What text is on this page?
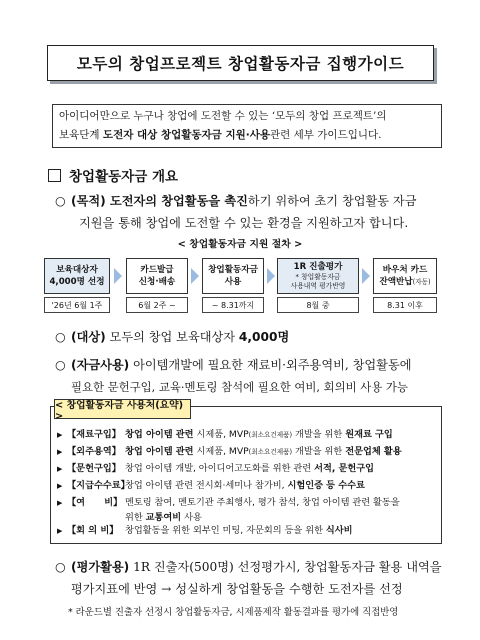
모두의 창업프로젝트 창업활동자금 집행가이드
아이디어만으로 누구나 창업에 도전할 수 있는 ‘모두의 창업 프로젝트’의
보육단계 도전자 대상 창업활동자금 지원·사용관련 세부 가이드입니다.
창업활동자금 개요
○ (목적) 도전자의 창업활동을 촉진하기 위하여 초기 창업활동 자금
지원을 통해 창업에 도전할 수 있는 환경을 지원하고자 합니다.
< 창업활동자금 지원 절차 >
보육대상자
4,000명 선정
카드발급
신청·배송
창업활동자금
사용
1R 진출평가
* 창업활동자금
사용내역 평가반영
바우처 카드
잔액반납(자동)
'26년 6월 1주	6월 2주 ~	~ 8.31까지	8월 중	8.31 이후
○ (대상) 모두의 창업 보육대상자 4,000명
○ (자금사용) 아이템개발에 필요한 재료비·외주용역비, 창업활동에
필요한 문헌구입, 교육·멘토링 참석에 필요한 여비, 회의비 사용 가능
< 창업활동자금 사용처(요약) >
▶ 【재료구입】 창업 아이템 관련 시제품, MVP(최소요건제품) 개발을 위한 원재료 구입
▶ 【외주용역】 창업 아이템 관련 시제품, MVP(최소요건제품) 개발을 위한 전문업체 활용
▶ 【문헌구입】 창업 아이템 개발, 아이디어고도화를 위한 관련 서적, 문헌구입
▶ 【지급수수료】
창업 아이템 관련 전시회·세미나 참가비, 시험인증 등 수수료
▶ 【여      비】 멘토링 참여, 멘토기관 주최행사, 평가 참석, 창업 아이템 관련 활동을
위한 교통여비 사용
▶ 【회 의 비】 창업활동을 위한 외부인 미팅, 자문회의 등을 위한 식사비
○ (평가활용) 1R 진출자(500명) 선정평가시, 창업활동자금 활용 내역을
평가지표에 반영 → 성실하게 창업활동을 수행한 도전자를 선정
* 라운드별 진출자 선정시 창업활동자금, 시제품제작 활동결과를 평가에 직접반영
